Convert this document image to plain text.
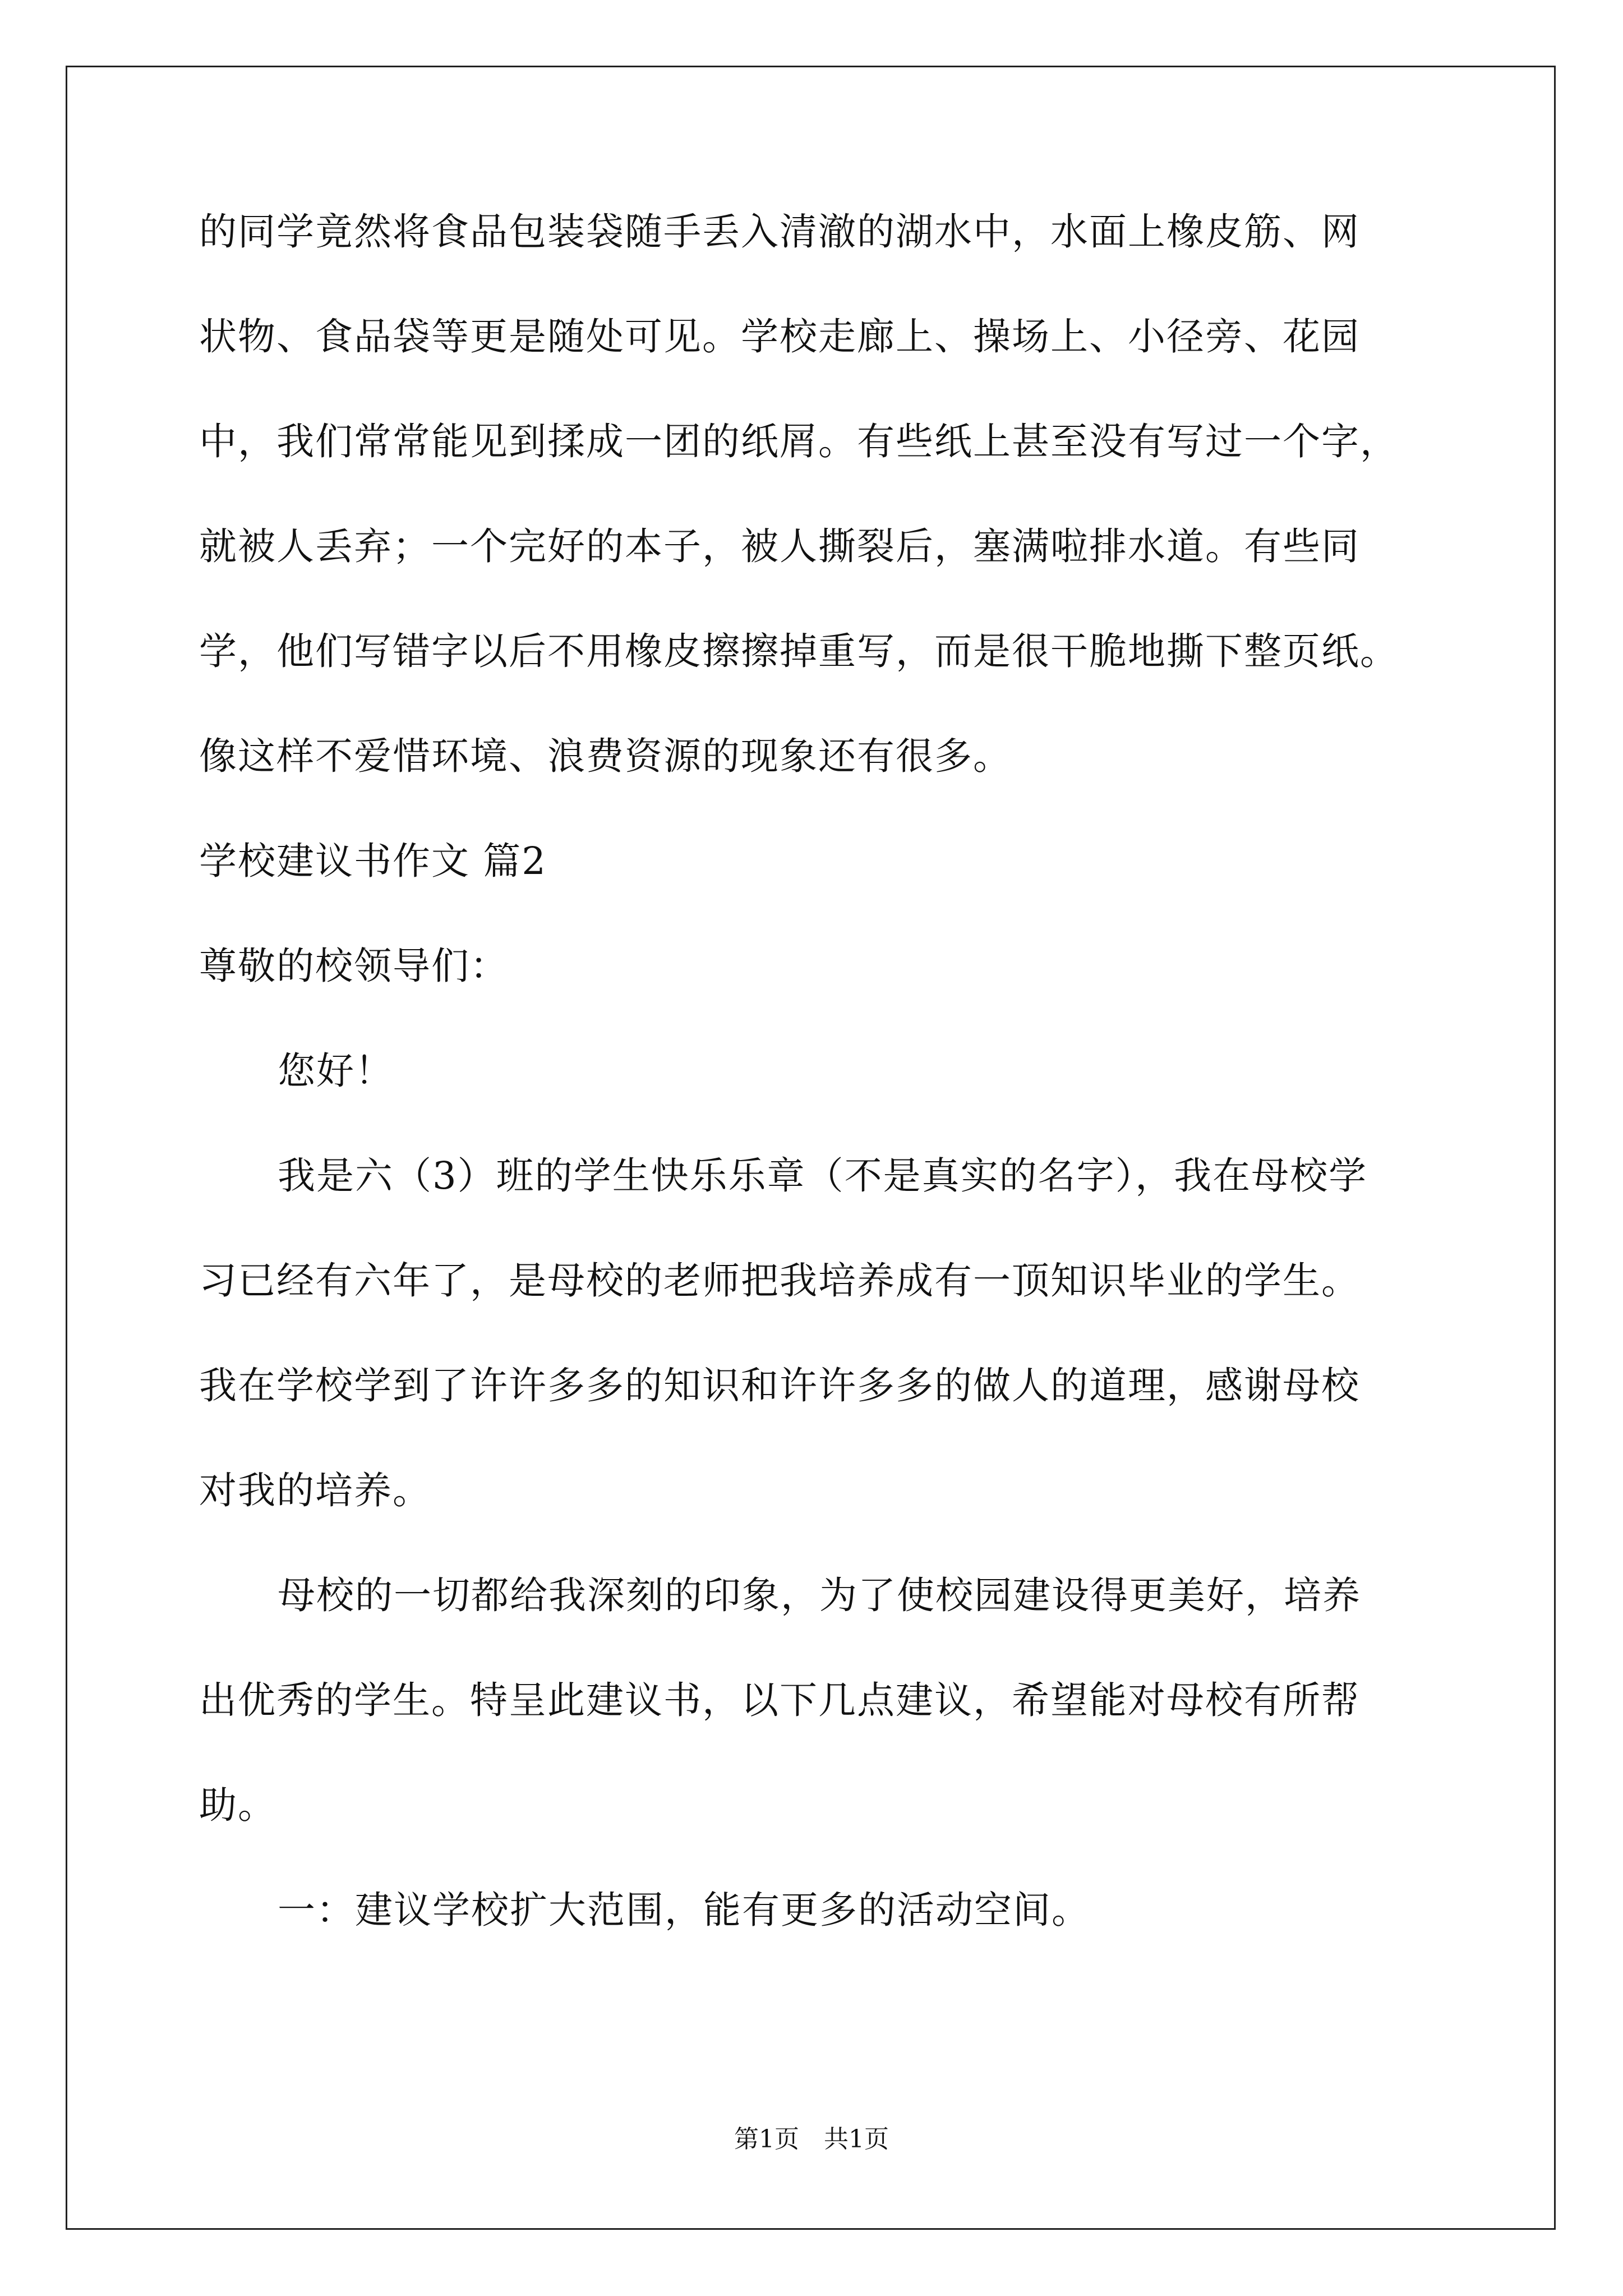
的同学竟然将食品包装袋随手丢入清澈的湖水中，水面上橡皮筋、网
状物、食品袋等更是随处可见。学校走廊上、操场上、小径旁、花园
中，我们常常能见到揉成一团的纸屑。有些纸上甚至没有写过一个字，
就被人丢弃；一个完好的本子，被人撕裂后，塞满啦排水道。有些同
学，他们写错字以后不用橡皮擦擦掉重写，而是很干脆地撕下整页纸。
像这样不爱惜环境、浪费资源的现象还有很多。
学校建议书作文 篇2
尊敬的校领导们：
您好！
我是六（3）班的学生快乐乐章（不是真实的名字），我在母校学
习已经有六年了，是母校的老师把我培养成有一顶知识毕业的学生。
我在学校学到了许许多多的知识和许许多多的做人的道理，感谢母校
对我的培养。
母校的一切都给我深刻的印象，为了使校园建设得更美好，培养
出优秀的学生。特呈此建议书，以下几点建议，希望能对母校有所帮
助。
一：建议学校扩大范围，能有更多的活动空间。
第1页　共1页
